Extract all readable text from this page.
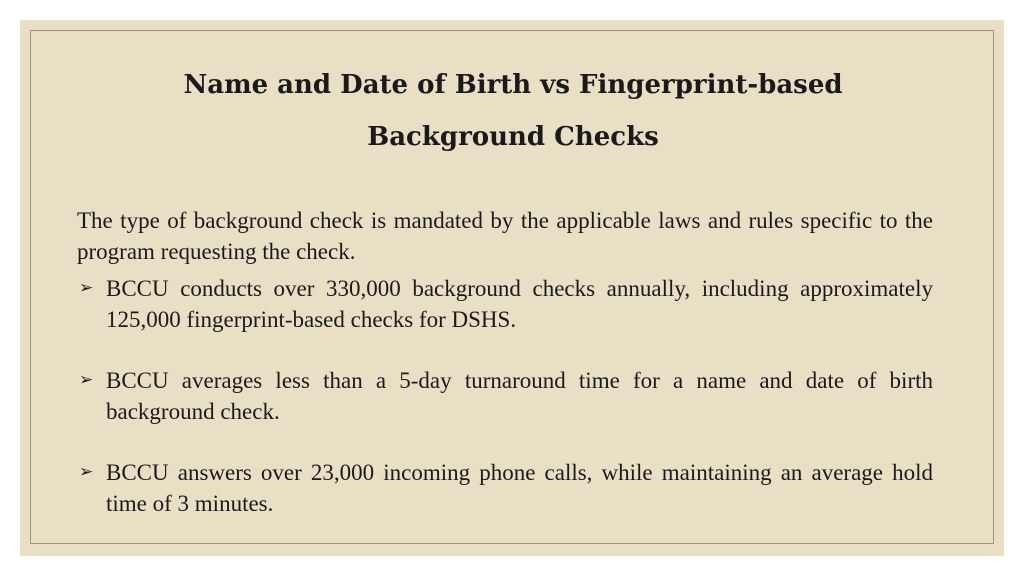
Name and Date of Birth vs Fingerprint-based
Background Checks

The type of background check is mandated by the applicable laws and rules specific to the program requesting the check.

➢ BCCU conducts over 330,000 background checks annually, including approximately 125,000 fingerprint-based checks for DSHS.
➢ BCCU averages less than a 5-day turnaround time for a name and date of birth background check.
➢ BCCU answers over 23,000 incoming phone calls, while maintaining an average hold time of 3 minutes.
